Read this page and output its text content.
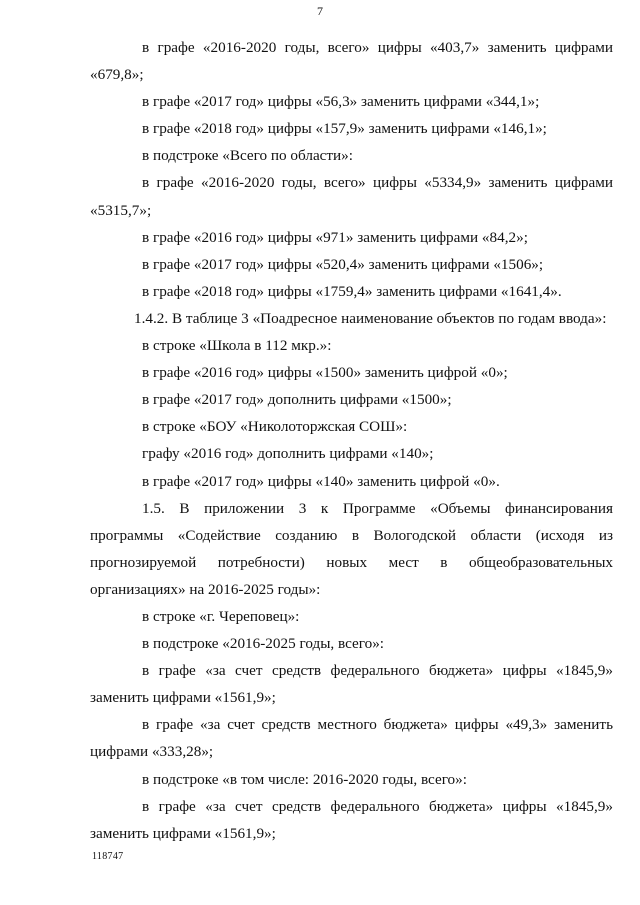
7

в графе «2016-2020 годы, всего» цифры «403,7» заменить цифрами «679,8»;

в графе «2017 год» цифры «56,3» заменить цифрами «344,1»;

в графе «2018 год» цифры «157,9» заменить цифрами «146,1»;

в подстроке «Всего по области»:

в графе «2016-2020 годы, всего» цифры «5334,9» заменить цифрами «5315,7»;

в графе «2016 год» цифры «971» заменить цифрами «84,2»;

в графе «2017 год» цифры «520,4» заменить цифрами «1506»;

в графе «2018 год» цифры «1759,4» заменить цифрами «1641,4».

1.4.2. В таблице 3 «Поадресное наименование объектов по годам ввода»:

в строке «Школа в 112 мкр.»:

в графе «2016 год» цифры «1500» заменить цифрой «0»;

в графе «2017 год» дополнить цифрами «1500»;

в строке «БОУ «Николоторжская СОШ»:

графу «2016 год» дополнить цифрами «140»;

в графе «2017 год» цифры «140» заменить цифрой «0».

1.5. В приложении 3 к Программе «Объемы финансирования программы «Содействие созданию в Вологодской области (исходя из прогнозируемой потребности) новых мест в общеобразовательных организациях» на 2016-2025 годы»:

в строке «г. Череповец»:

в подстроке «2016-2025 годы, всего»:

в графе «за счет средств федерального бюджета» цифры «1845,9» заменить цифрами «1561,9»;

в графе «за счет средств местного бюджета» цифры «49,3» заменить цифрами «333,28»;

в подстроке «в том числе: 2016-2020 годы, всего»:

в графе «за счет средств федерального бюджета» цифры «1845,9» заменить цифрами «1561,9»;

118747
